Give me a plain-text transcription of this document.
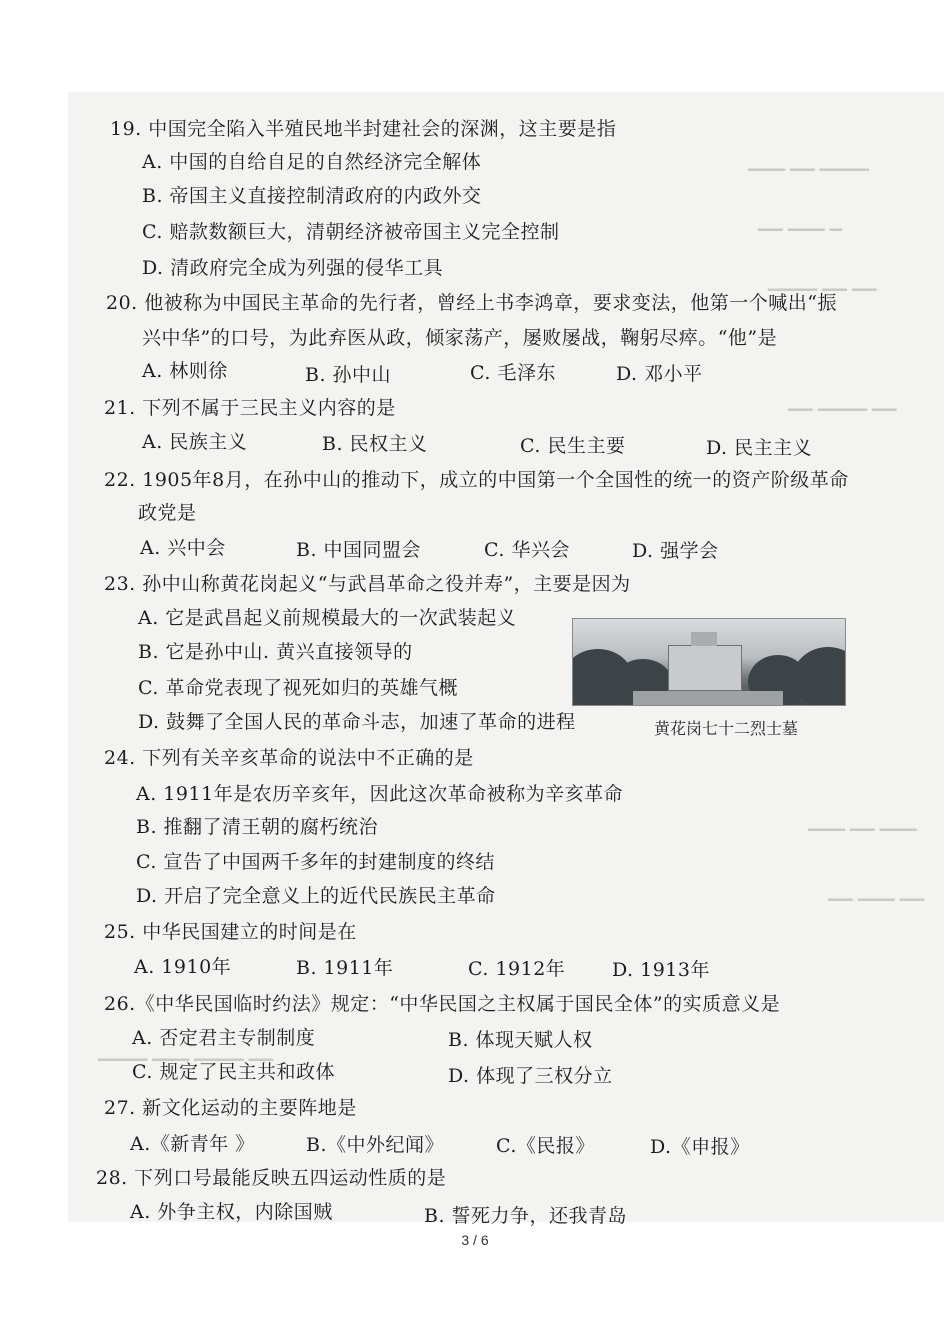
▁▁▁ ▁▁ ▁▁▁▁
▁▁ ▁▁▁ ▁
▁▁▁▁ ▁▁ ▁▁
▁▁ ▁▁▁▁ ▁▁
▁▁▁ ▁▁ ▁▁▁
▁▁ ▁▁▁ ▁▁
▁▁▁▁ ▁▁▁ ▁▁▁▁ ▁▁
19. 中国完全陷入半殖民地半封建社会的深渊，这主要是指
A. 中国的自给自足的自然经济完全解体
B. 帝国主义直接控制清政府的内政外交
C. 赔款数额巨大，清朝经济被帝国主义完全控制
D. 清政府完全成为列强的侵华工具
20. 他被称为中国民主革命的先行者，曾经上书李鸿章，要求变法，他第一个喊出“振
兴中华”的口号，为此弃医从政，倾家荡产，屡败屡战，鞠躬尽瘁。“他”是
A. 林则徐	B. 孙中山	C. 毛泽东	D. 邓小平
21. 下列不属于三民主义内容的是
A. 民族主义	B. 民权主义	C. 民生主要	D. 民主主义
22. 1905年8月，在孙中山的推动下，成立的中国第一个全国性的统一的资产阶级革命
政党是
A. 兴中会	B. 中国同盟会	C. 华兴会	D. 强学会
23. 孙中山称黄花岗起义“与武昌革命之役并寿”，主要是因为
A. 它是武昌起义前规模最大的一次武装起义
B. 它是孙中山. 黄兴直接领导的
C. 革命党表现了视死如归的英雄气概
D. 鼓舞了全国人民的革命斗志，加速了革命的进程	黄花岗七十二烈士墓
24. 下列有关辛亥革命的说法中不正确的是
A. 1911年是农历辛亥年，因此这次革命被称为辛亥革命
B. 推翻了清王朝的腐朽统治
C. 宣告了中国两千多年的封建制度的终结
D. 开启了完全意义上的近代民族民主革命
25. 中华民国建立的时间是在
A. 1910年	B. 1911年	C. 1912年 D. 1913年
26.《中华民国临时约法》规定：“中华民国之主权属于国民全体”的实质意义是
A. 否定君主专制制度	B. 体现天赋人权
C. 规定了民主共和政体	D. 体现了三权分立
27. 新文化运动的主要阵地是
A.《新青年 》	B.《中外纪闻》	C.《民报》	D.《申报》
28. 下列口号最能反映五四运动性质的是
A. 外争主权，内除国贼	B. 誓死力争，还我青岛
3 / 6
